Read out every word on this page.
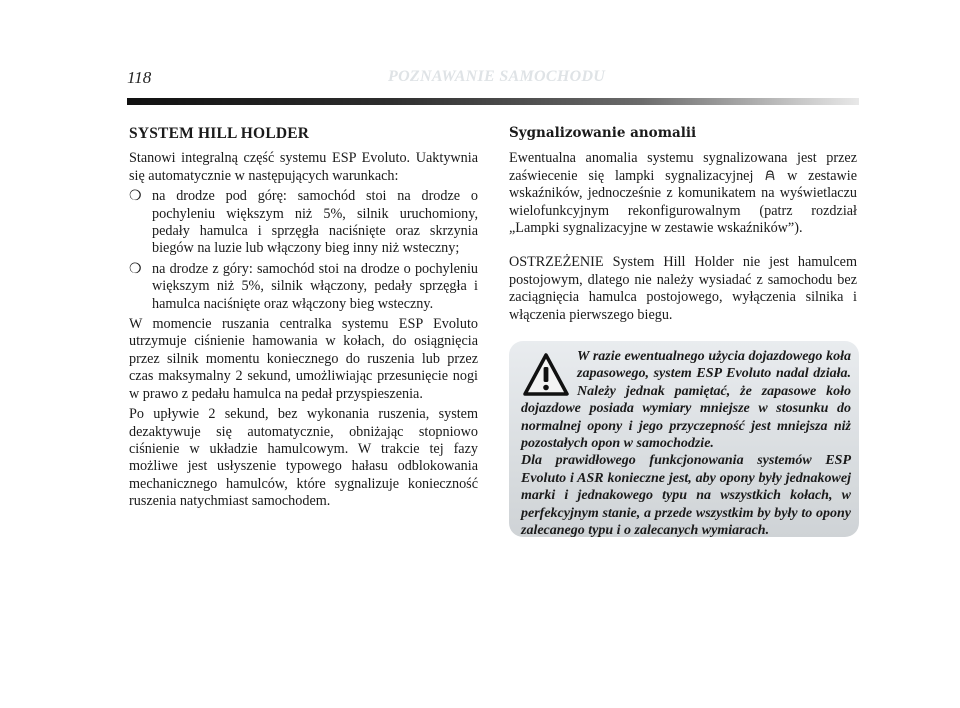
118	POZNAWANIE SAMOCHODU
SYSTEM HILL HOLDER

Stanowi integralną część systemu ESP Evoluto. Uaktywnia się automatycznie w następujących warunkach:

❍ na drodze pod górę: samochód stoi na drodze o pochyleniu większym niż 5%, silnik uruchomiony, pedały hamulca i sprzęgła naciśnięte oraz skrzynia biegów na luzie lub włączony bieg inny niż wsteczny;
❍ na drodze z góry: samochód stoi na drodze o pochyleniu większym niż 5%, silnik włączony, pedały sprzęgła i hamulca naciśnięte oraz włączony bieg wsteczny.

W momencie ruszania centralka systemu ESP Evoluto utrzymuje ciśnienie hamowania w kołach, do osiągnięcia przez silnik momentu koniecznego do ruszenia lub przez czas maksymalny 2 sekund, umożliwiając przesunięcie nogi w prawo z pedału hamulca na pedał przyspieszenia.

Po upływie 2 sekund, bez wykonania ruszenia, system dezaktywuje się automatycznie, obniżając stopniowo ciśnienie w układzie hamulcowym. W trakcie tej fazy możliwe jest usłyszenie typowego hałasu odblokowania mechanicznego hamulców, które sygnalizuje konieczność ruszenia natychmiast samochodem.

Sygnalizowanie anomalii

Ewentualna anomalia systemu sygnalizowana jest przez zaświecenie się lampki sygnalizacyjnej w zestawie wskaźników, jednocześnie z komunikatem na wyświetlaczu wielofunkcyjnym rekonfigurowalnym (patrz rozdział „Lampki sygnalizacyjne w zestawie wskaźników”).

OSTRZEŻENIE System Hill Holder nie jest hamulcem postojowym, dlatego nie należy wysiadać z samochodu bez zaciągnięcia hamulca postojowego, wyłączenia silnika i włączenia pierwszego biegu.

W razie ewentualnego użycia dojazdowego koła zapasowego, system ESP Evoluto nadal działa. Należy jednak pamiętać, że zapasowe koło dojazdowe posiada wymiary mniejsze w stosunku do normalnej opony i jego przyczepność jest mniejsza niż pozostałych opon w samochodzie.
Dla prawidłowego funkcjonowania systemów ESP Evoluto i ASR konieczne jest, aby opony były jednakowej marki i jednakowego typu na wszystkich kołach, w perfekcyjnym stanie, a przede wszystkim by były to opony zalecanego typu i o zalecanych wymiarach.
